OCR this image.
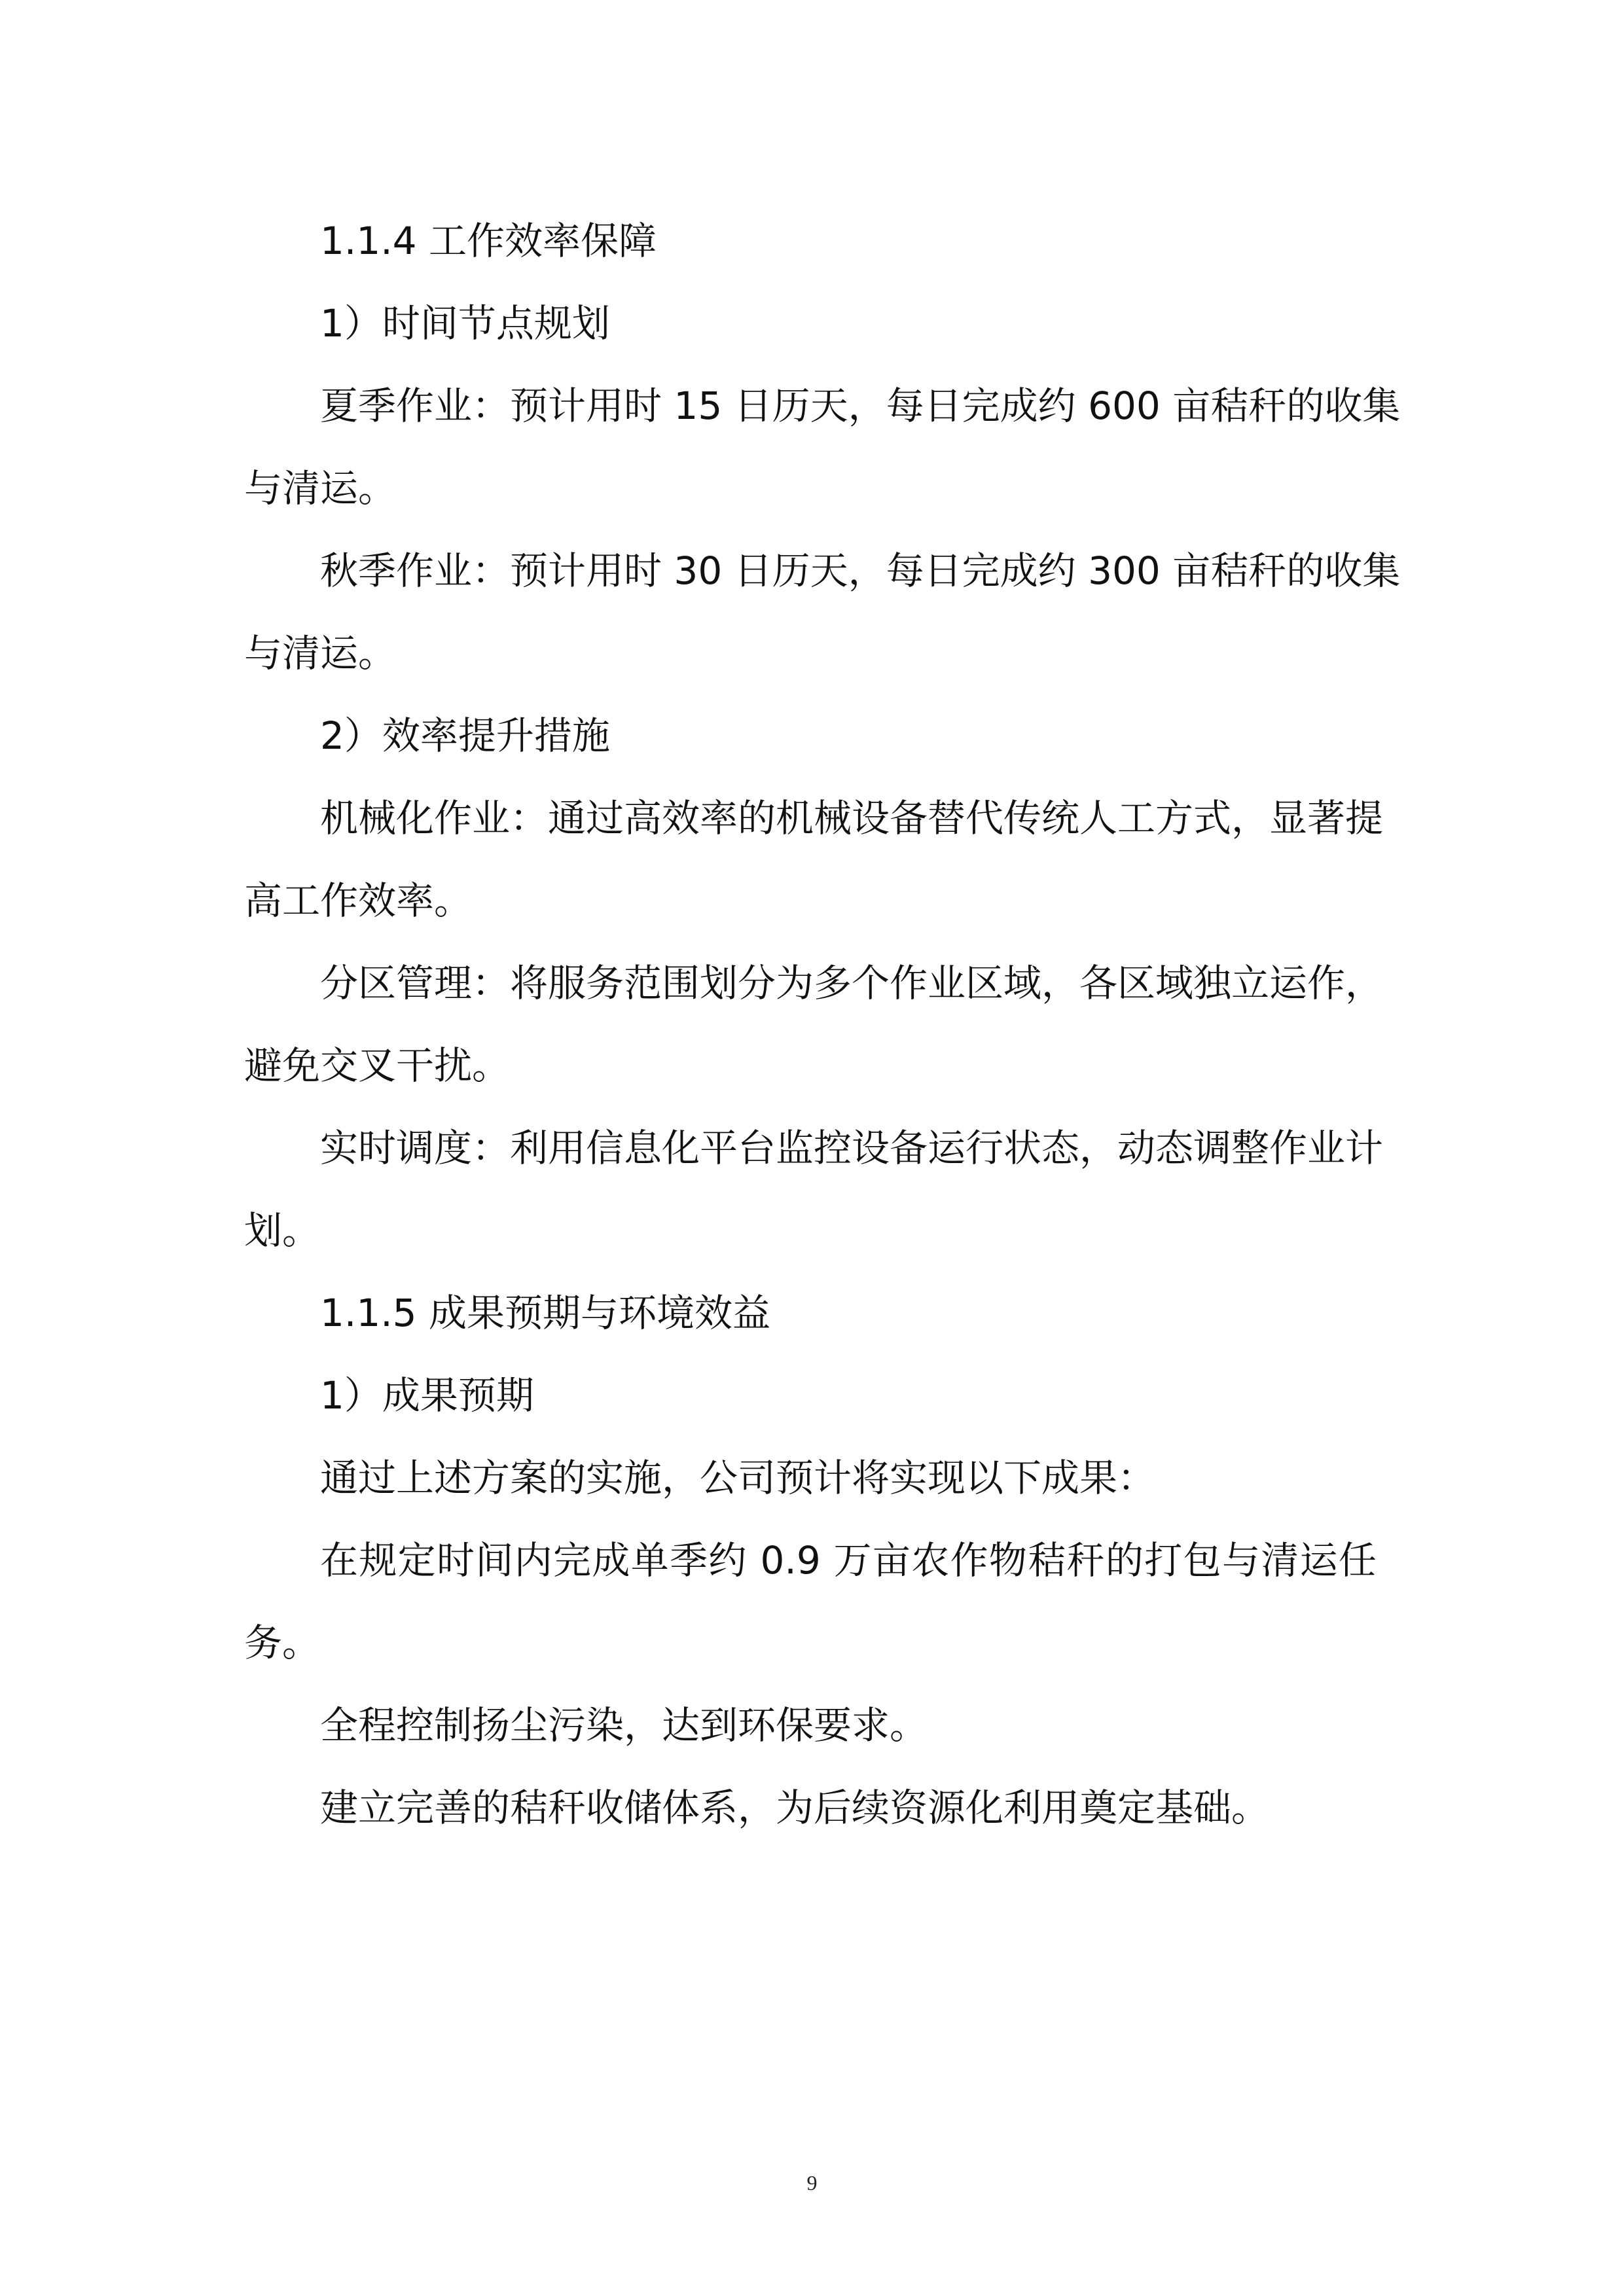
1.1.4 工作效率保障
1）时间节点规划
夏季作业：预计用时 15 日历天，每日完成约 600 亩秸秆的收集
与清运。
秋季作业：预计用时 30 日历天，每日完成约 300 亩秸秆的收集
与清运。
2）效率提升措施
机械化作业：通过高效率的机械设备替代传统人工方式，显著提
高工作效率。
分区管理：将服务范围划分为多个作业区域，各区域独立运作，
避免交叉干扰。
实时调度：利用信息化平台监控设备运行状态，动态调整作业计
划。
1.1.5 成果预期与环境效益
1）成果预期
通过上述方案的实施，公司预计将实现以下成果：
在规定时间内完成单季约 0.9 万亩农作物秸秆的打包与清运任
务。
全程控制扬尘污染，达到环保要求。
建立完善的秸秆收储体系，为后续资源化利用奠定基础。
9
